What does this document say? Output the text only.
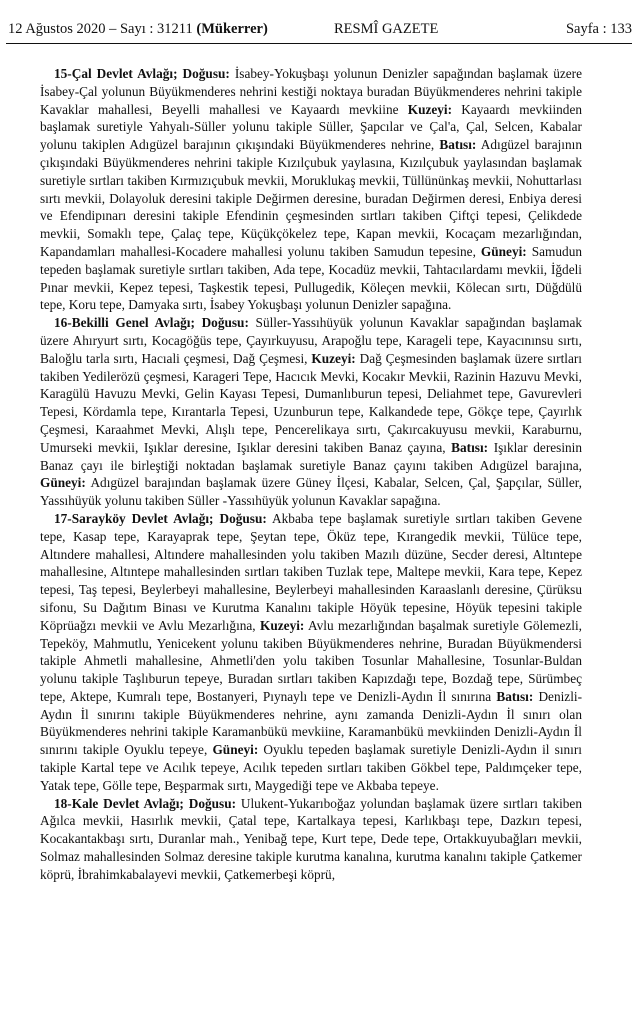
12 Ağustos 2020 – Sayı : 31211 (Mükerrer)	RESMÎ GAZETE	Sayfa : 133

15-Çal Devlet Avlağı; Doğusu: İsabey-Yokuşbaşı yolunun Denizler sapağından başlamak üzere İsabey-Çal yolunun Büyükmenderes nehrini kestiği noktaya buradan Büyükmenderes nehrini takiple Kavaklar mahallesi, Beyelli mahallesi ve Kayaardı mevkiine Kuzeyi: Kayaardı mevkiinden başlamak suretiyle Yahyalı-Süller yolunu takiple Süller, Şapcılar ve Çal'a, Çal, Selcen, Kabalar yolunu takiplen Adıgüzel barajının çıkışındaki Büyükmenderes nehrine, Batısı: Adıgüzel barajının çıkışındaki Büyükmenderes nehrini takiple Kızılçubuk yaylasına, Kızılçubuk yaylasından başlamak suretiyle sırtları takiben Kırmızıçubuk mevkii, Moruklukaş mevkii, Tüllününkaş mevkii, Nohuttarlası sırtı mevkii, Dolayoluk deresini takiple Değirmen deresine, buradan Değirmen deresi, Enbiya deresi ve Efendipınarı deresini takiple Efendinin çeşmesinden sırtları takiben Çiftçi tepesi, Çelikdede mevkii, Somaklı tepe, Çalaç tepe, Küçükçökelez tepe, Kapan mevkii, Kocaçam mezarlığından, Kapandamları mahallesi-Kocadere mahallesi yolunu takiben Samudun tepesine, Güneyi: Samudun tepeden başlamak suretiyle sırtları takiben, Ada tepe, Kocadüz mevkii, Tahtacılardamı mevkii, İğdeli Pınar mevkii, Kepez tepesi, Taşkestik tepesi, Pullugedik, Köleçen mevkii, Kölecan sırtı, Düğdülü tepe, Koru tepe, Damyaka sırtı, İsabey Yokuşbaşı yolunun Denizler sapağına.

16-Bekilli Genel Avlağı; Doğusu: Süller-Yassıhüyük yolunun Kavaklar sapağından başlamak üzere Ahıryurt sırtı, Kocagöğüs tepe, Çayırkuyusu, Arapoğlu tepe, Karageli tepe, Kayacınınsu sırtı, Baloğlu tarla sırtı, Hacıali çeşmesi, Dağ Çeşmesi, Kuzeyi: Dağ Çeşmesinden başlamak üzere sırtları takiben Yedilerözü çeşmesi, Karageri Tepe, Hacıcık Mevki, Kocakır Mevkii, Razinin Hazuvu Mevki, Karagülü Havuzu Mevki, Gelin Kayası Tepesi, Dumanlıburun tepesi, Deliahmet tepe, Gavurevleri Tepesi, Kördamla tepe, Kırantarla Tepesi, Uzunburun tepe, Kalkandede tepe, Gökçe tepe, Çayırlık Çeşmesi, Karaahmet Mevki, Alışlı tepe, Pencerelikaya sırtı, Çakırcakuyusu mevkii, Karaburnu, Umurseki mevkii, Işıklar deresine, Işıklar deresini takiben Banaz çayına, Batısı: Işıklar deresinin Banaz çayı ile birleştiği noktadan başlamak suretiyle Banaz çayını takiben Adıgüzel barajına, Güneyi: Adıgüzel barajından başlamak üzere Güney İlçesi, Kabalar, Selcen, Çal, Şapçılar, Süller, Yassıhüyük yolunu takiben Süller -Yassıhüyük yolunun Kavaklar sapağına.

17-Sarayköy Devlet Avlağı; Doğusu: Akbaba tepe başlamak suretiyle sırtları takiben Gevene tepe, Kasap tepe, Karayaprak tepe, Şeytan tepe, Öküz tepe, Kırangedik mevkii, Tülüce tepe, Altındere mahallesi, Altındere mahallesinden yolu takiben Mazılı düzüne, Secder deresi, Altıntepe mahallesine, Altıntepe mahallesinden sırtları takiben Tuzlak tepe, Maltepe mevkii, Kara tepe, Kepez tepesi, Taş tepesi, Beylerbeyi mahallesine, Beylerbeyi mahallesinden Karaaslanlı deresine, Çürüksu sifonu, Su Dağıtım Binası ve Kurutma Kanalını takiple Höyük tepesine, Höyük tepesini takiple Köprüağzı mevkii ve Avlu Mezarlığına, Kuzeyi: Avlu mezarlığından başalmak suretiyle Gölemezli, Tepeköy, Mahmutlu, Yenicekent yolunu takiben Büyükmenderes nehrine, Buradan Büyükmendersi takiple Ahmetli mahallesine, Ahmetli'den yolu takiben Tosunlar Mahallesine, Tosunlar-Buldan yolunu takiple Taşlıburun tepeye, Buradan sırtları takiben Kapızdağı tepe, Bozdağ tepe, Sürümbeç tepe, Aktepe, Kumralı tepe, Bostanyeri, Pıynaylı tepe ve Denizli-Aydın İl sınırına Batısı: Denizli-Aydın İl sınırını takiple Büyükmenderes nehrine, aynı zamanda Denizli-Aydın İl sınırı olan Büyükmenderes nehrini takiple Karamanbükü mevkiine, Karamanbükü mevkiinden Denizli-Aydın İl sınırını takiple Oyuklu tepeye, Güneyi: Oyuklu tepeden başlamak suretiyle Denizli-Aydın il sınırı takiple Kartal tepe ve Acılık tepeye, Acılık tepeden sırtları takiben Gökbel tepe, Paldımçeker tepe, Yatak tepe, Gölle tepe, Beşparmak sırtı, Maygediği tepe ve Akbaba tepeye.

18-Kale Devlet Avlağı; Doğusu: Ulukent-Yukarıboğaz yolundan başlamak üzere sırtları takiben Ağılca mevkii, Hasırlık mevkii, Çatal tepe, Kartalkaya tepesi, Karlıkbaşı tepe, Dazkırı tepesi, Kocakantakbaşı sırtı, Duranlar mah., Yenibağ tepe, Kurt tepe, Dede tepe, Ortakkuyubağları mevkii, Solmaz mahallesinden Solmaz deresine takiple kurutma kanalına, kurutma kanalını takiple Çatkemer köprü, İbrahimkabalayevi mevkii, Çatkemerbeşi köprü,
